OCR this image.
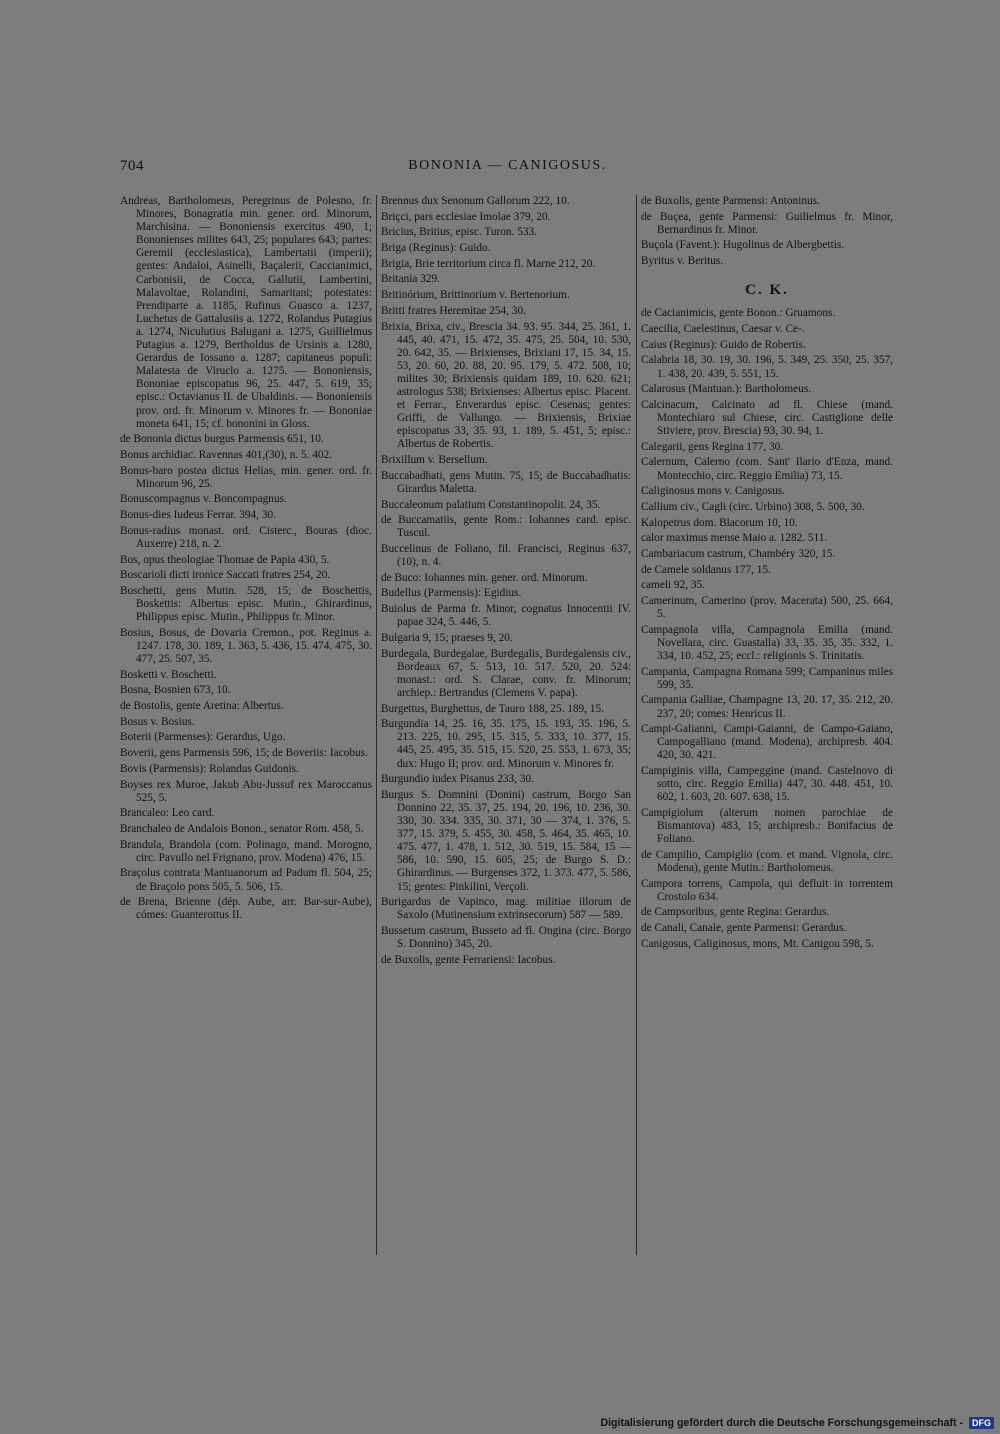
704	BONONIA — CANIGOSUS.

Andreas, Bartholomeus, Peregrinus de Polesno, fr. Minores, Bonagratia min. gener. ord. Minorum, Marchisina. — Bononiensis exercitus 490, 1; Bononienses milites 643, 25; populares 643; partes: Geremii (ecclesiastica), Lambertatii (imperii); gentes: Andaloi, Asinelli, Baçalerii, Caccianimici, Carbonisii, de Cocca, Gallutii, Lambertini, Malavoltae, Rolandini, Samaritani; potestates: Prendiparte a. 1185, Rufinus Guasco a. 1237, Luchetus de Gattalusiis a. 1272, Rolandus Putagius a. 1274, Niculutius Balugani a. 1275, Guillielmus Putagius a. 1279, Bertholdus de Ursinis a. 1280, Gerardus de Iossano a. 1287; capitaneus populi: Malatesta de Viruclo a. 1275. — Bononiensis, Bononiae episcopatus 96, 25. 447, 5. 619, 35; episc.: Octavianus II. de Ubaldinis. — Bononiensis prov. ord. fr. Minorum v. Minores fr. — Bononiae moneta 641, 15; cf. bononini in Gloss.

de Bononia dictus burgus Parmensis 651, 10.

Bonus archidiac. Ravennas 401,(30), n. 5. 402.

Bonus-baro postea dictus Helias, min. gener. ord. fr. Minorum 96, 25.

Bonuscompagnus v. Boncompagnus.

Bonus-dies Iudeus Ferrar. 394, 30.

Bonus-radius monast. ord. Cisterc., Bouras (dioc. Auxerre) 218, n. 2.

Bos, opus theologiae Thomae de Papia 430, 5.

Boscarioli dicti ironice Saccati fratres 254, 20.

Boschetti, gens Mutin. 528, 15; de Boschettis, Boskettis: Albertus episc. Mutin., Ghirardinus, Philippus episc. Mutin., Philippus fr. Minor.

Bosius, Bosus, de Dovaria Cremon., pot. Reginus a. 1247. 178, 30. 189, 1. 363, 5. 436, 15. 474. 475, 30. 477, 25. 507, 35.

Bosketti v. Boschetti.

Bosna, Bosnien 673, 10.

de Bostolis, gente Aretina: Albertus.

Bosus v. Bosius.

Boterii (Parmenses): Gerardus, Ugo.

Boverii, gens Parmensis 596, 15; de Boveriis: Iacobus.

Bovis (Parmensis): Rolandus Guidonis.

Boyses rex Muroe, Jakub Abu-Jussuf rex Maroccanus 525, 5.

Brancaleo: Leo card.

Branchaleo de Andalois Bonon., senator Rom. 458, 5.

Brandula, Brandola (com. Polinago, mand. Morogno, circ. Pavullo nel Frignano, prov. Modena) 476, 15.

Braçolus contrata Mantuanorum ad Padum fl. 504, 25; de Braçolo pons 505, 5. 506, 15.

de Brena, Brienne (dép. Aube, arr. Bar-sur-Aube), cómes: Guanterottus II.

Brennus dux Senonum Gallorum 222, 10.

Briçci, pars ecclesiae Imolae 379, 20.

Bricius, Britius, episc. Turon. 533.

Briga (Reginus): Guido.

Brigia, Brie territorium circa fl. Marne 212, 20.

Britania 329.

Britinórium, Brittinorium v. Bertenorium.

Britti fratres Heremitae 254, 30.

Brixia, Brixa, civ., Brescia 34. 93. 95. 344, 25. 361, 1. 445, 40. 471, 15. 472, 35. 475, 25. 504, 10. 530, 20. 642, 35. — Brixienses, Brixiani 17, 15. 34, 15. 53, 20. 60, 20. 88, 20. 95. 179, 5. 472. 508, 10; milites 30; Brixiensis quidam 189, 10. 620. 621; astrologus 538; Brixienses: Albertus episc. Placent. et Ferrar., Enverardus episc. Cesenas; gentes: Griffi, de Vallungo. — Brixiensis, Brixiae episcopatus 33, 35. 93, 1. 189, 5. 451, 5; episc.: Albertus de Robertis.

Brixillum v. Bersellum.

Buccabadhati, gens Mutin. 75, 15; de Buccabadhatis: Girardus Maletta.

Buccaleonum palatium Constantinopolit. 24, 35.

de Buccamatiis, gente Rom.: Iohannes card. episc. Tuscul.

Buccelinus de Foliano, fil. Francisci, Reginus 637, (10), n. 4.

de Buco: Iohannes min. gener. ord. Minorum.

Budellus (Parmensis): Egidius.

Buiolus de Parma fr. Minor, cognatus Innocentii IV. papae 324, 5. 446, 5.

Bulgaria 9, 15; praeses 9, 20.

Burdegala, Burdegalae, Burdegalis, Burdegalensis civ., Bordeaux 67, 5. 513, 10. 517. 520, 20. 524: monast.: ord. S. Clarae, conv. fr. Minorum; archiep.: Bertrandus (Clemens V. papa).

Burgettus, Burghettus, de Tauro 188, 25. 189, 15.

Burgundia 14, 25. 16, 35. 175, 15. 193, 35. 196, 5. 213. 225, 10. 295, 15. 315, 5. 333, 10. 377, 15. 445, 25. 495, 35. 515, 15. 520, 25. 553, 1. 673, 35; dux: Hugo II; prov. ord. Minorum v. Minores fr.

Burgundio iudex Pisanus 233, 30.

Burgus S. Domnini (Donini) castrum, Borgo San Donnino 22, 35. 37, 25. 194, 20. 196, 10. 236, 30. 330, 30. 334. 335, 30. 371, 30 — 374, 1. 376, 5. 377, 15. 379, 5. 455, 30. 458, 5. 464, 35. 465, 10. 475. 477, 1. 478, 1. 512, 30. 519, 15. 584, 15 — 586, 10. 590, 15. 605, 25; de Burgo S. D.: Ghirardinus. — Burgenses 372, 1. 373. 477, 5. 586, 15; gentes: Pinkilini, Verçoli.

Burigardus de Vapinco, mag. militiae illorum de Saxolo (Mutinensium extrinsecorum) 587 — 589.

Bussetum castrum, Busseto ad fl. Ongina (circ. Borgo S. Donnino) 345, 20.

de Buxolis, gente Ferrariensi: Iacobus.

de Buxolis, gente Parmensi: Antoninus.

de Buçea, gente Parmensi: Guilielmus fr. Minor, Bernardinus fr. Minor.

Buçola (Favent.): Hugolinus de Albergbettis.

Byritus v. Beritus.

C. K.

de Cacianimicis, gente Bonon.: Gruamons.

Caecilia, Caelestinus, Caesar v. Ce-.

Caius (Reginus): Guido de Robertis.

Calabria 18, 30. 19, 30. 196, 5. 349, 25. 350, 25. 357, 1. 438, 20. 439, 5. 551, 15.

Calarosus (Mantuan.): Bartholomeus.

Calcinacum, Calcinato ad fl. Chiese (mand. Montechiaro sul Chiese, circ. Castiglione delle Stiviere, prov. Brescia) 93, 30. 94, 1.

Calegarii, gens Regina 177, 30.

Calernum, Calerno (com. Sant' Ilario d'Enza, mand. Montecchio, circ. Reggio Emilia) 73, 15.

Caliginosus mons v. Canigosus.

Callium civ., Cagli (circ. Urbino) 308, 5. 500, 30.

Kalopetrus dom. Blacorum 10, 10.

calor maximus mense Maio a. 1282. 511.

Cambariacum castrum, Chambéry 320, 15.

de Camele soldanus 177, 15.

cameli 92, 35.

Camerinum, Camerino (prov. Macerata) 500, 25. 664, 5.

Campagnola villa, Campagnola Emilia (mand. Novellara, circ. Guastalla) 33, 35. 35, 35. 332, 1. 334, 10. 452, 25; eccl.: religionis S. Trinitatis.

Campania, Campagna Romana 599; Campaninus miles 599, 35.

Campania Galliae, Champagne 13, 20. 17, 35. 212, 20. 237, 20; comes: Henricus II.

Campi-Galianni, Campi-Gaianni, de Campo-Gaiano, Campogalliano (mand. Modena), archipresb. 404. 420, 30. 421.

Campiginis villa, Campeggine (mand. Castelnovo di sotto, circ. Reggio Emilia) 447, 30. 448. 451, 10. 602, 1. 603, 20. 607. 638, 15.

Campigiolum (alterum nomen parochiae de Bismantova) 483, 15; archipresb.: Bonifacius de Foliano.

de Campilio, Campiglio (com. et mand. Vignola, circ. Modena), gente Mutin.: Bartholomeus.

Campora torrens, Campola, qui defluit in torrentem Crostolo 634.

de Campsoribus, gente Regina: Gerardus.

de Canali, Canale, gente Parmensi: Gerardus.

Canigosus, Caliginosus, mons, Mt. Canigou 598, 5.

Digitalisierung gefördert durch die Deutsche Forschungsgemeinschaft - DFG
